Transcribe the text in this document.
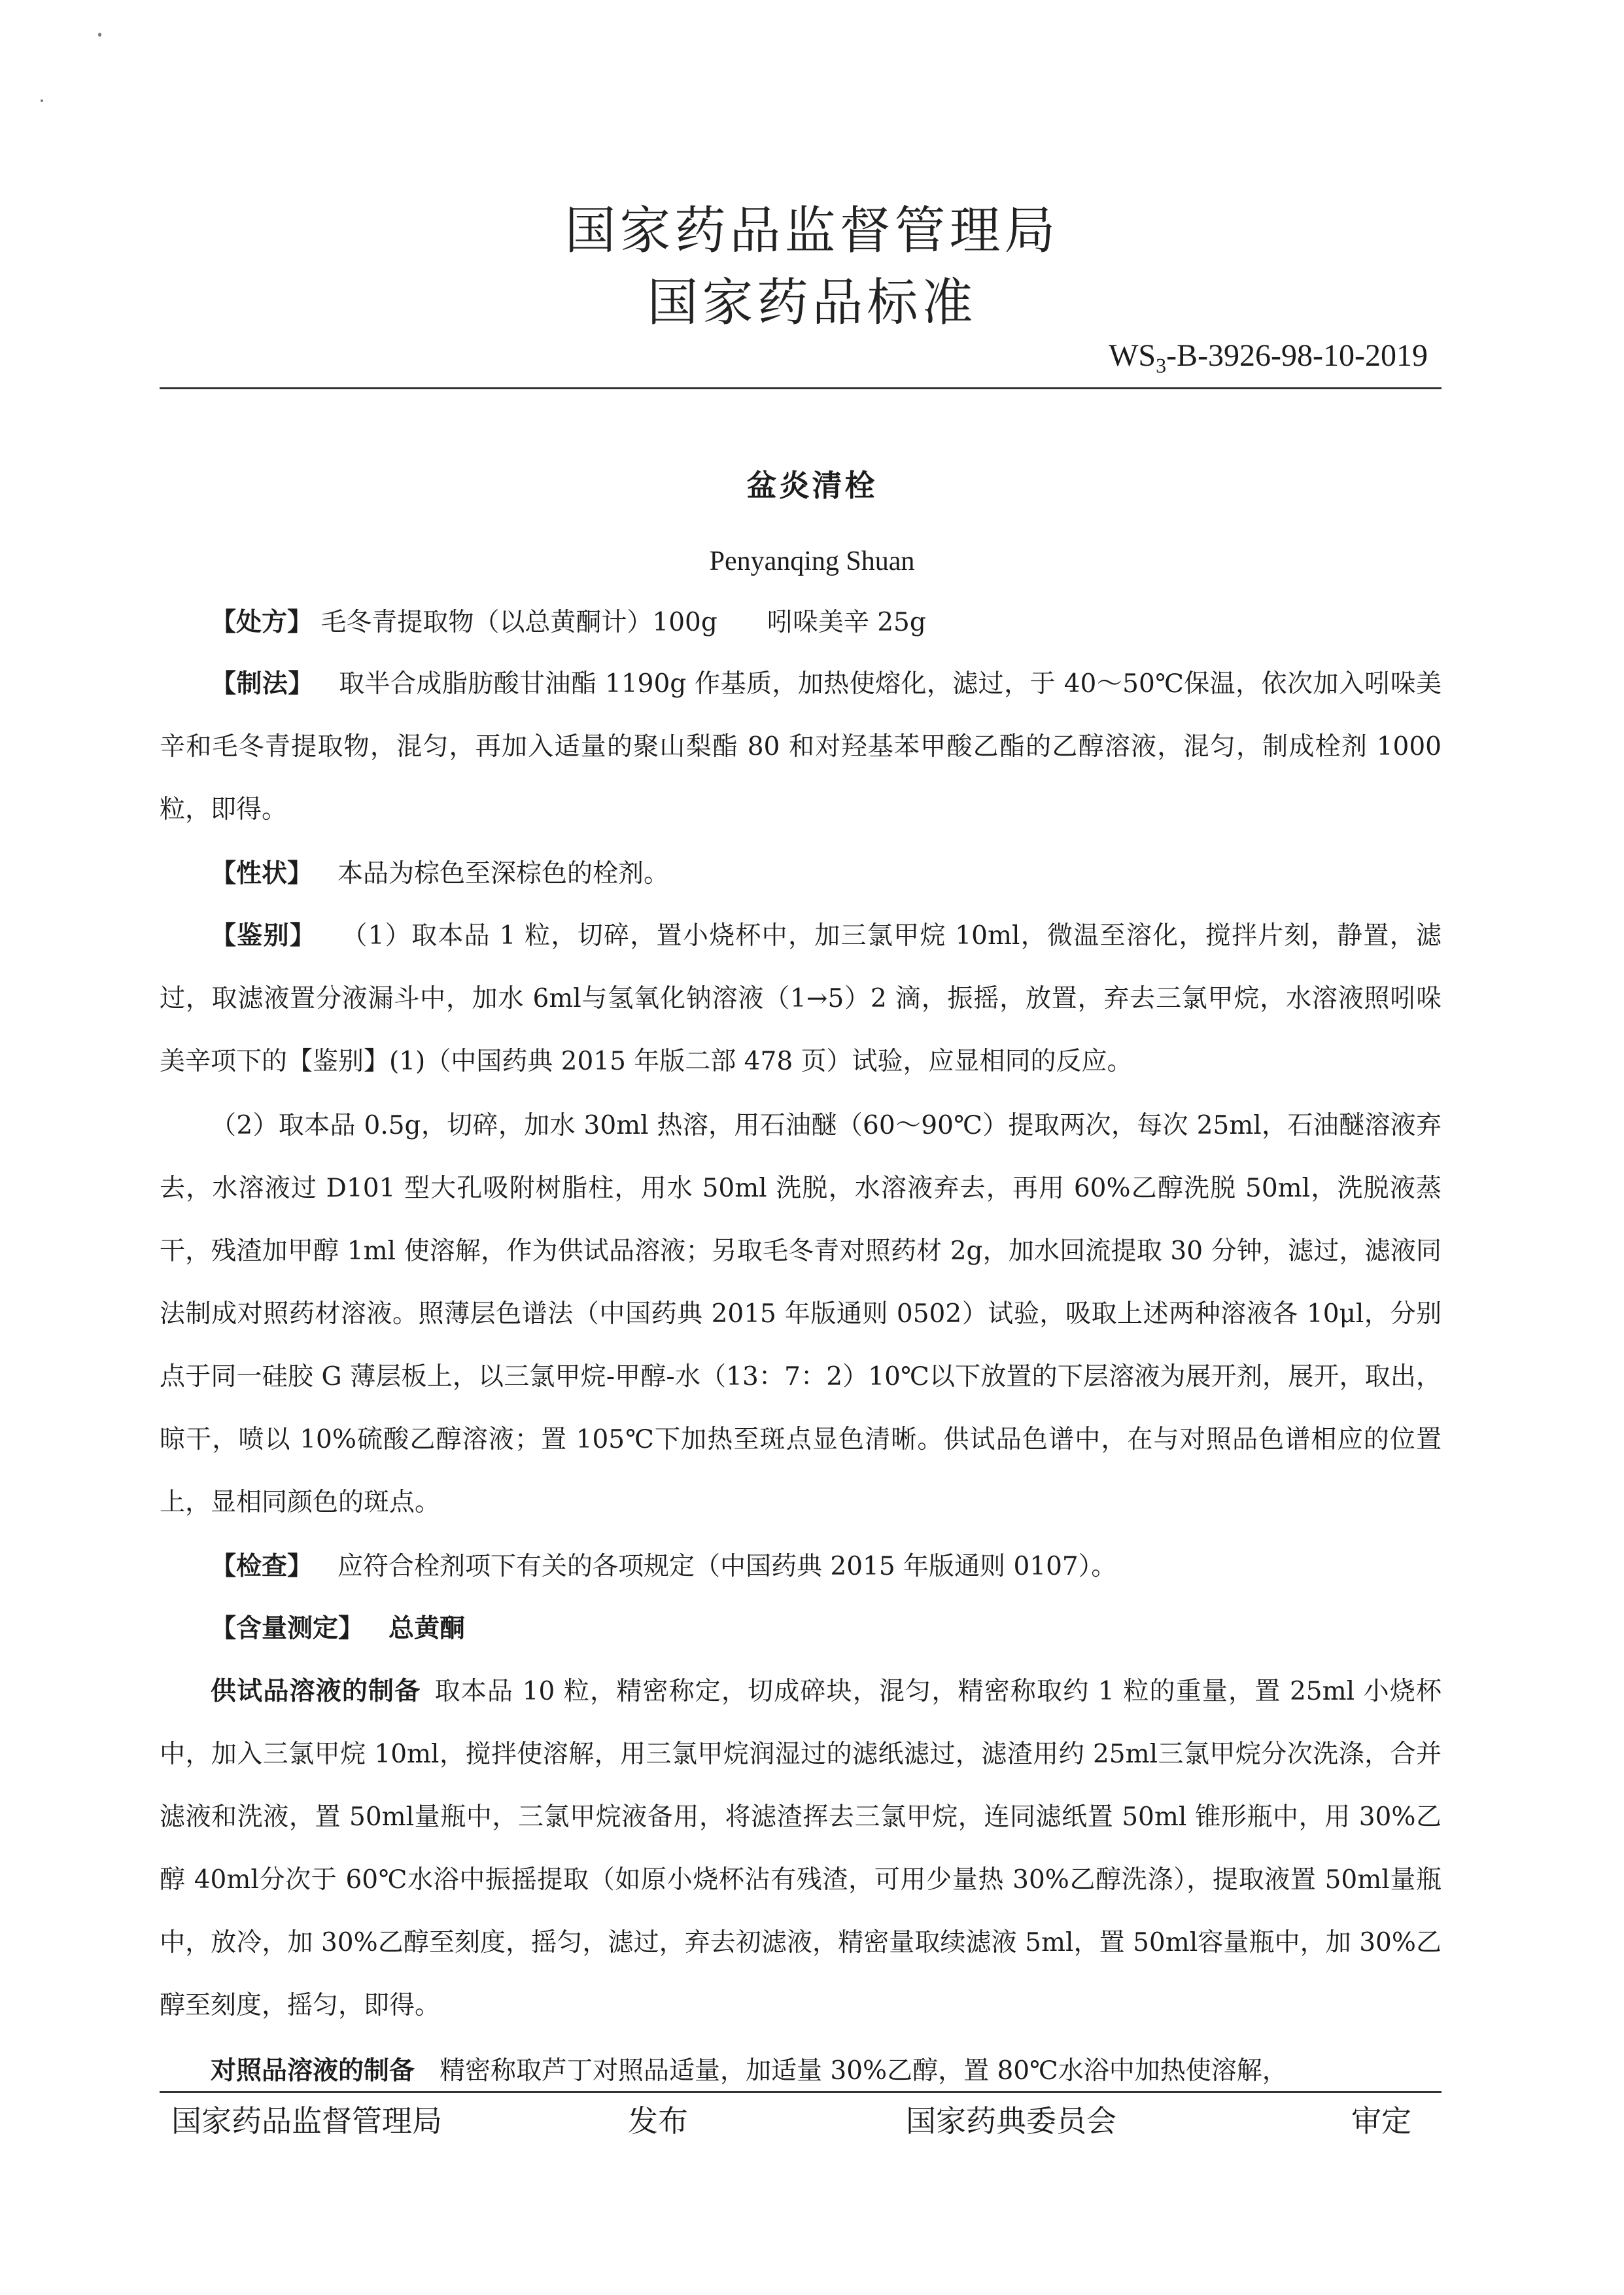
国家药品监督管理局
国家药品标准
$WS_3-B-3926-98-10-2019$
盆炎清栓
Penyanqing Shuan
【处方】 毛冬青提取物（以总黄酮计）100g 吲哚美辛 25g
【制法】 取半合成脂肪酸甘油酯 1190g 作基质，加热使熔化，滤过，于 40～50℃保温，依次加入吲哚美辛和毛冬青提取物，混匀，再加入适量的聚山梨酯 80 和对羟基苯甲酸乙酯的乙醇溶液，混匀，制成栓剂 1000 粒，即得。
【性状】 本品为棕色至深棕色的栓剂。
【鉴别】 （1）取本品 1 粒，切碎，置小烧杯中，加三氯甲烷 10ml，微温至溶化，搅拌片刻，静置，滤过，取滤液置分液漏斗中，加水 6ml与氢氧化钠溶液（1→5）2 滴，振摇，放置，弃去三氯甲烷，水溶液照吲哚美辛项下的【鉴别】(1)（中国药典 2015 年版二部 478 页）试验，应显相同的反应。
（2）取本品 0.5g，切碎，加水 30ml 热溶，用石油醚（60～90℃）提取两次，每次 25ml，石油醚溶液弃去，水溶液过 D101 型大孔吸附树脂柱，用水 50ml 洗脱，水溶液弃去，再用 60%乙醇洗脱 50ml，洗脱液蒸干，残渣加甲醇 1ml 使溶解，作为供试品溶液；另取毛冬青对照药材 2g，加水回流提取 30 分钟，滤过，滤液同法制成对照药材溶液。照薄层色谱法（中国药典 2015 年版通则 0502）试验，吸取上述两种溶液各 10μl，分别点于同一硅胶 G 薄层板上，以三氯甲烷-甲醇-水（13：7：2）10℃以下放置的下层溶液为展开剂，展开，取出，晾干，喷以 10%硫酸乙醇溶液；置 105℃下加热至斑点显色清晰。供试品色谱中，在与对照品色谱相应的位置上，显相同颜色的斑点。
【检查】 应符合栓剂项下有关的各项规定（中国药典 2015 年版通则 0107）。
【含量测定】 总黄酮
供试品溶液的制备 取本品 10 粒，精密称定，切成碎块，混匀，精密称取约 1 粒的重量，置 25ml 小烧杯中，加入三氯甲烷 10ml，搅拌使溶解，用三氯甲烷润湿过的滤纸滤过，滤渣用约 25ml三氯甲烷分次洗涤，合并滤液和洗液，置 50ml量瓶中，三氯甲烷液备用，将滤渣挥去三氯甲烷，连同滤纸置 50ml 锥形瓶中，用 30%乙醇 40ml分次于 60℃水浴中振摇提取（如原小烧杯沾有残渣，可用少量热 30%乙醇洗涤），提取液置 50ml量瓶中，放冷，加 30%乙醇至刻度，摇匀，滤过，弃去初滤液，精密量取续滤液 5ml，置 50ml容量瓶中，加 30%乙醇至刻度，摇匀，即得。
对照品溶液的制备 精密称取芦丁对照品适量，加适量 30%乙醇，置 80℃水浴中加热使溶解，
国家药品监督管理局	发布	国家药典委员会	审定
